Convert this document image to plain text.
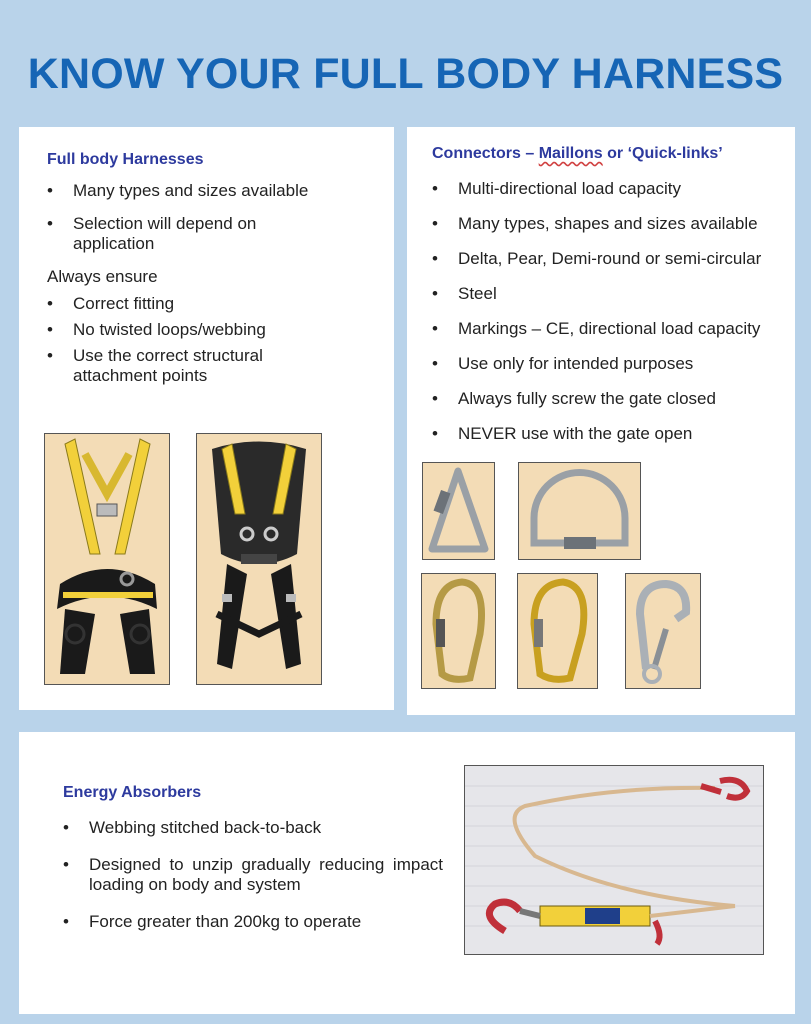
KNOW YOUR FULL BODY HARNESS

Full body Harnesses

• Many types and sizes available
• Selection will depend on application

Always ensure

• Correct fitting
• No twisted loops/webbing
• Use the correct structural attachment points

Connectors – Maillons or ‘Quick-links’

• Multi-directional load capacity
• Many types, shapes and sizes available
• Delta, Pear, Demi-round or semi-circular
• Steel
• Markings – CE, directional load capacity
• Use only for intended purposes
• Always fully screw the gate closed
• NEVER use with the gate open

Energy Absorbers

• Webbing stitched back-to-back
• Designed to unzip gradually reducing impact loading on body and system
• Force greater than 200kg to operate
